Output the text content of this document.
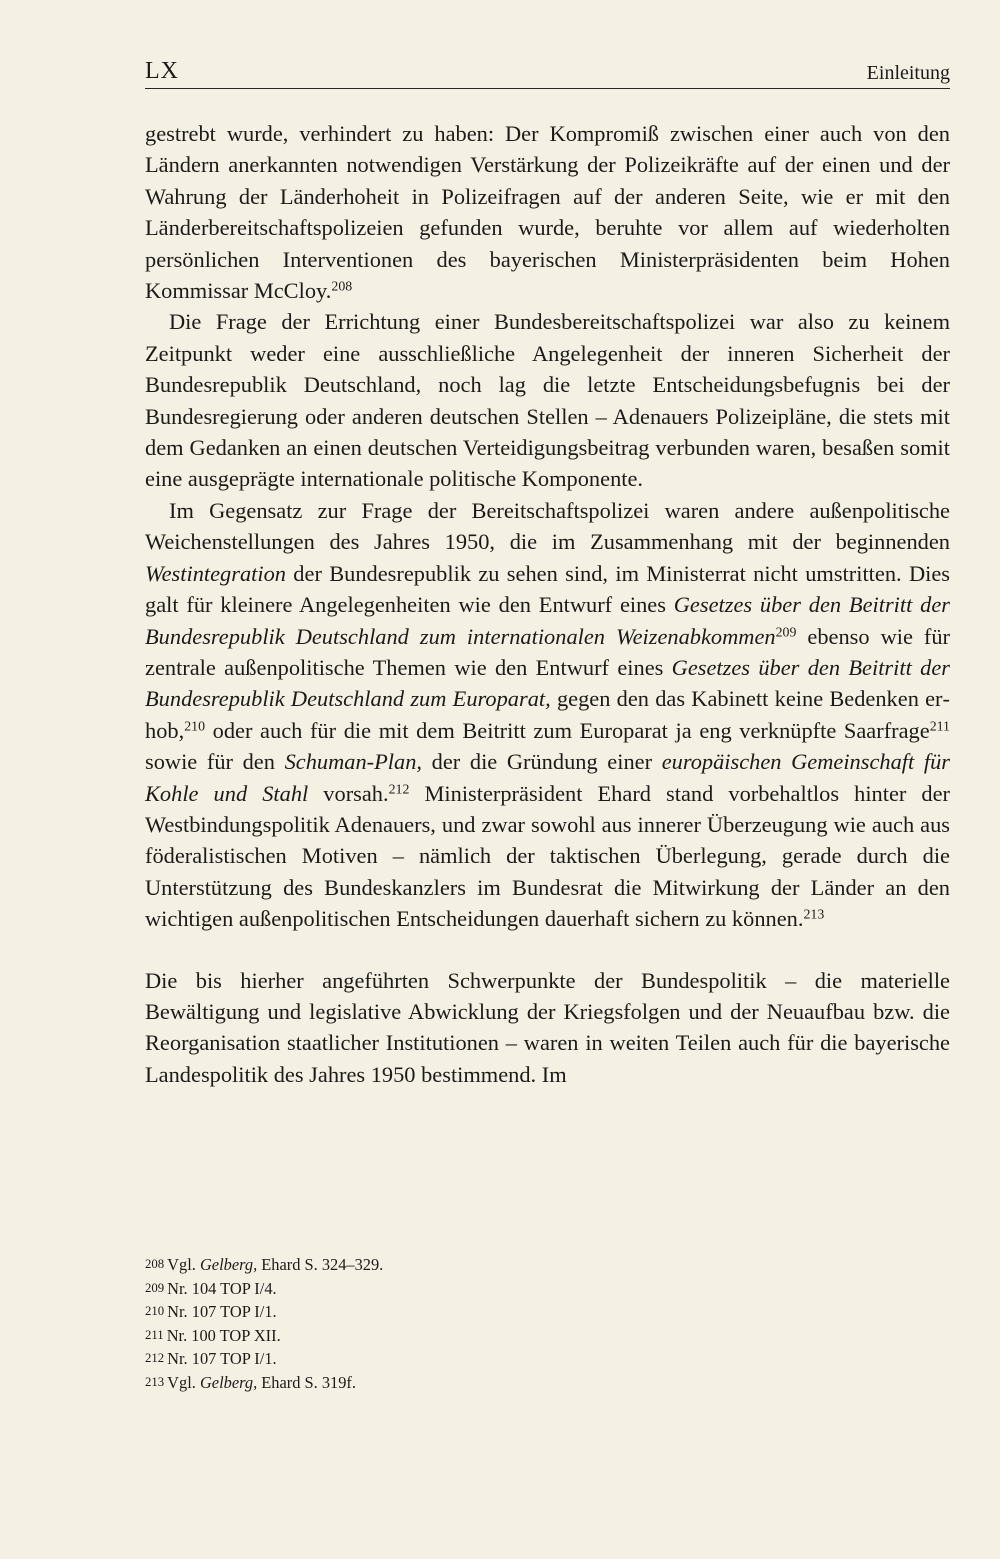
LX	Einleitung

gestrebt wurde, verhindert zu haben: Der Kompromiß zwischen einer auch von den Ländern anerkannten notwendigen Verstärkung der Polizeikräfte auf der einen und der Wahrung der Länderhoheit in Polizeifragen auf der anderen Seite, wie er mit den Länderbereitschaftspolizeien gefunden wurde, beruhte vor allem auf wiederholten persönlichen Interventionen des bayerischen Ministerpräsidenten beim Hohen Kommissar McCloy.$^{208}$

Die Frage der Errichtung einer Bundesbereitschaftspolizei war also zu keinem Zeitpunkt weder eine ausschließliche Angelegenheit der inneren Sicherheit der Bundesrepublik Deutschland, noch lag die letzte Entscheidungsbefugnis bei der Bundesregierung oder anderen deutschen Stellen – Adenauers Polizeipläne, die stets mit dem Gedanken an einen deutschen Verteidigungsbeitrag verbunden waren, besaßen somit eine ausgeprägte internationale politische Komponente.

Im Gegensatz zur Frage der Bereitschaftspolizei waren andere außenpolitische Weichenstellungen des Jahres 1950, die im Zusammenhang mit der beginnenden Westintegration der Bundesrepublik zu sehen sind, im Ministerrat nicht umstritten. Dies galt für kleinere Angelegenheiten wie den Entwurf eines Gesetzes über den Beitritt der Bundesrepublik Deutschland zum internationalen Weizenabkommen$^{209}$ ebenso wie für zentrale außenpolitische Themen wie den Entwurf eines Gesetzes über den Beitritt der Bundesrepublik Deutschland zum Europarat, gegen den das Kabinett keine Bedenken erhob,$^{210}$ oder auch für die mit dem Beitritt zum Europarat ja eng verknüpfte Saarfrage$^{211}$ sowie für den Schuman-Plan, der die Gründung einer europäischen Gemeinschaft für Kohle und Stahl vorsah.$^{212}$ Ministerpräsident Ehard stand vorbehaltlos hinter der Westbindungspolitik Adenauers, und zwar sowohl aus innerer Überzeugung wie auch aus föderalistischen Motiven – nämlich der taktischen Überlegung, gerade durch die Unterstützung des Bundeskanzlers im Bundesrat die Mitwirkung der Länder an den wichtigen außenpolitischen Entscheidungen dauerhaft sichern zu können.$^{213}$

Die bis hierher angeführten Schwerpunkte der Bundespolitik – die materielle Bewältigung und legislative Abwicklung der Kriegsfolgen und der Neuaufbau bzw. die Reorganisation staatlicher Institutionen – waren in weiten Teilen auch für die bayerische Landespolitik des Jahres 1950 bestimmend. Im

208 Vgl. Gelberg, Ehard S. 324–329.
209 Nr. 104 TOP I/4.
210 Nr. 107 TOP I/1.
211 Nr. 100 TOP XII.
212 Nr. 107 TOP I/1.
213 Vgl. Gelberg, Ehard S. 319f.
